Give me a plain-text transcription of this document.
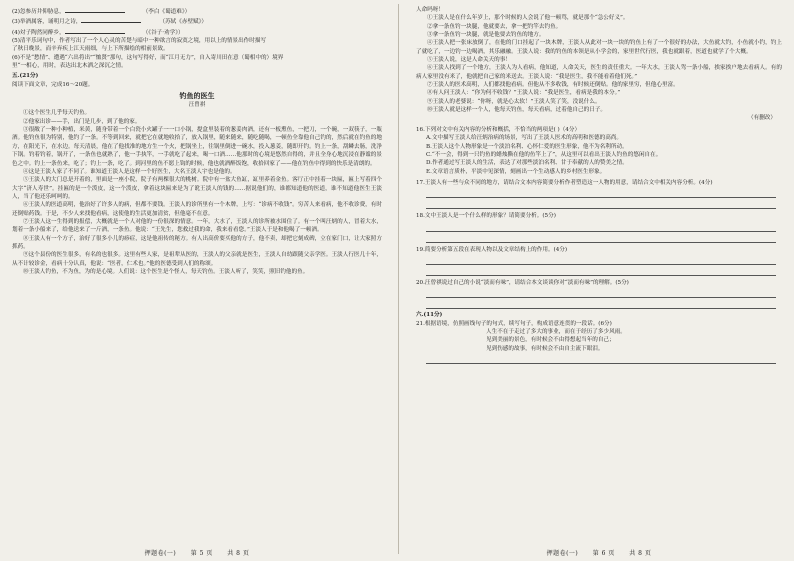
(2)忽参历井仰胁息，	（李白《蜀道难》）

(3)举酒属客，诵明月之诗，	（苏轼《赤壁赋》）

(4)対子陶然同醉乡，	（《谷子·劝学》）

(5)清平乐词句中，作者写出了一个人心灵的苦楚与暗中一种欲言的寂寞之境，用以上的情景出作时描写

了秋日晚景，而辛弃疾上江天雨细，与上下所描绘的相前景致。

(6)不是“愁情”、遭遇“六出将出”“恤贤”那句，这句写得好，而“江月无力”，自入寄川田在意（蜀相中的）境界

里“一相心，用时，表达出北木洒之深沉之情。

五.(21分)

阅读下面文章，完成16～20题。

钓鱼的医生

汪曾祺

①这个医生几乎每天钓鱼。

②他家出诊——手，出门是几步，到了他的家。

③很敞了一种小种植，米黄，随身带着一个白瓷小火罐子一一口小锅，提盒里装着的葱姜肉酒，还有一板熏鱼，一把刀，一个碗，一双筷子，一瓶酒。他钓鱼很为特别，他钓了一条。不等到回来，就把它在就地收拾了，放入锅里，随来随来，随吃随喝，一顿鱼全靠他自己钓的，然后就在钓鱼的地方，在阳光下，在水边。每天清晨，他在了他找准的地方生一个火，把锅坐上，往锅里倒进一碗水，投入葱姜，随即开钓。钓上一条，刮鳞去肠，洗净下锅。钓着钓着，锅开了，一条鱼也就熟了，他一手执竿，一手就吃了起来，喝一口酒……他那时的心境是悠然自得的，并且全身心地沉浸在静谧的景色之中。钓上一条鱼来，吃了；钓上一条，吃了。到河里的鱼不愿上钩的时候，他也就酒醉饭饱，收拾回家了——他在钓鱼中得到的快乐是清朗的。

④这是王淡人家了不同了。谁知道王淡人是这样一个好医生，大名王淡人宇也是他的。

⑤王淡人的大门总是开着的，里面是一座小院，院子有两棵很大的桃树。院中有一盆大鱼缸，缸里养着金鱼。客厅正中挂着一块匾，匾上写着四个大字“济人寿世”。挂匾的是一个泼皮，这一个泼皮，拿着这块匾来是为了讹王淡人的钱的……据说他们的，谁都知道他的医道，谁不知道他医生王淡人，当了他还乐呵呵的。

⑥王淡人的医道高明，他治好了许多人的病，但都不要钱。王淡人的诊所里有一个木牌，上写：“诊病不收钱”。穷苦人来看病，他不收诊费，有时还倒贴药钱。于是，不少人来找他看病，这使他的生活更加清贫，但他毫不在意。

⑦王淡人这一生得到的报偿，大概就是一个人对他的一份很深的情意。一年，大水了，王淡人的诊所被水围住了。有一个叫汪炳的人，冒着大水，划着一条小船来了，给他送来了一斤酒，一条鱼。他说：“王先生，您救过我的命，我来看看您。”王淡人于是和他喝了一顿酒。

⑧王淡人有一个方子，治好了很多小儿的痧症，这是他祖传的秘方。有人出高价要买他的方子，他不卖，却把它刻成碑，立在家门口，让大家照方抓药。

⑨这个县份的医生很多，有名的也很多。这里有些人家，是祖辈从医的，王淡人的父亲就是医生，王淡人自幼跟随父亲学医。王淡人行医几十年，从不计较诊金，看病十分认真，他说：“医者，仁术也。”他的医德受到人们的称颂。

⑩王淡人钓鱼，不为鱼，为的是心境。人们说：这个医生是个怪人，每天钓鱼。王淡人听了，笑笑，照旧钓他的鱼。

押题卷(一) 第 5 页 共 8 页

人命吗呀！

①王淡人是在什么年岁上，那个时候的人会说了他一顿骂，就是那个“急公好义”。

②拿一条鱼钓一块腿，他就要去，拿一把钓竿去钓鱼。

③拿一条鱼钓一块腿，就是他要去钓鱼的地方。

④王淡人把一张床放倒了，在他的门口挂起了一块木牌，王淡人从此对一块一块的钓鱼上有了一个很好的办法，大鱼就大钓，小鱼就小钓，钓上了就吃了，一边钓一边喝酒，其乐融融。王淡人说：我的钓鱼的本领是从小学会的，家里世代行医，我也就跟着，医道也就学了个大概。

⑤王淡人说，这是人命关天的事！

⑥王淡人找到了一个地方，王淡人为人看病，他知道，人命关天，医生的责任重大。一年大水，王淡人驾一条小船，挨家挨户地去看病人。有的病人家里没有米了，他就把自己家的米送去。王淡人说：“我是医生，我不能看着他们死。”

⑦王淡人的医术高明，人们都找他看病。但他从不多收钱，有时候还倒贴。他的家里穷，但他心里富。

⑧有人问王淡人：“你为何不收钱？”王淡人说：“我是医生，看病是我的本分。”

⑨王淡人的老婆说：“你呀，就是心太软！”王淡人笑了笑，没说什么。

⑩王淡人就是这样一个人，他每天钓鱼，每天看病，过着他自己的日子。

（有删改）

16.下列对文中有关内容的分析和概括，不恰当的两项是( )（4分）

A.文中描写王淡人给汪炳治病的场景，写出了王淡人医术的高明和医德的高尚。

B.王淡人这个人物形象是一个淡泊名利、心怀仁爱的医生形象，他不为名利所动。

C.“不一会，得到一只钓鱼的蜡烛撕在他的鱼竿上了”，从这里可以看出王淡人钓鱼的悠闲自在。

D.作者通过写王淡人的生活，表达了对那些淡泊名利、甘于奉献的人的赞美之情。

E.文章语言质朴，平淡中见深情，刻画出一个生动感人的乡村医生形象。

17.王淡人有一些与众不同的地方，请结合文本内容简要分析作者塑造这一人物的用意，请结合文中相关内容分析。(4分)

18.文中王淡人是一个什么样的形象？请简要分析。(5分)

19.简要分析第五段在表现人物以及文章结构上的作用。(4分)

20.汪曾祺说过自己的小说“淡而有味”，请结合本文谈谈你对“淡而有味”的理解。(5分)

六.(11分)

21.根据语境，仿照画线句子的句式，续写句子，构成语意连贯的一段话。(6分)

人生不在于走过了多大的事业，而在于经历了多少风雨。

见到美丽的景色，有时候会不由得想起当年的自己；

见到伤感的故事，有时候会不由自主流下眼泪。

押题卷(一) 第 6 页 共 8 页
